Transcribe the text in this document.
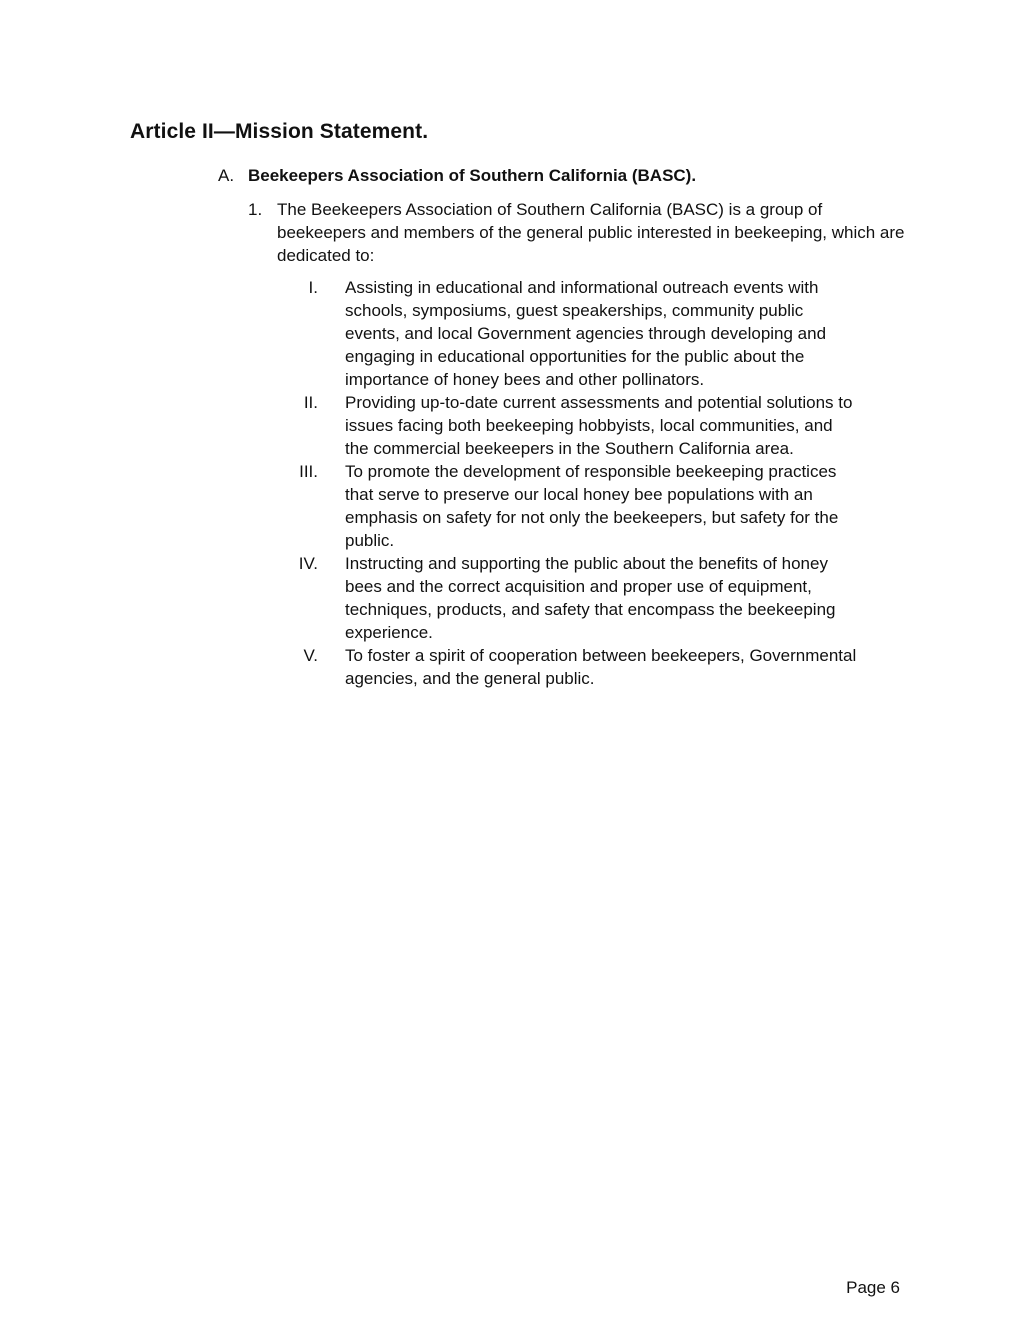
Article II—Mission Statement.
A. Beekeepers Association of Southern California (BASC).
1. The Beekeepers Association of Southern California (BASC) is a group of beekeepers and members of the general public interested in beekeeping, which are dedicated to:
I. Assisting in educational and informational outreach events with schools, symposiums, guest speakerships, community public events, and local Government agencies through developing and engaging in educational opportunities for the public about the importance of honey bees and other pollinators.
II. Providing up-to-date current assessments and potential solutions to issues facing both beekeeping hobbyists, local communities, and the commercial beekeepers in the Southern California area.
III. To promote the development of responsible beekeeping practices that serve to preserve our local honey bee populations with an emphasis on safety for not only the beekeepers, but safety for the public.
IV. Instructing and supporting the public about the benefits of honey bees and the correct acquisition and proper use of equipment, techniques, products, and safety that encompass the beekeeping experience.
V. To foster a spirit of cooperation between beekeepers, Governmental agencies, and the general public.
Page 6
